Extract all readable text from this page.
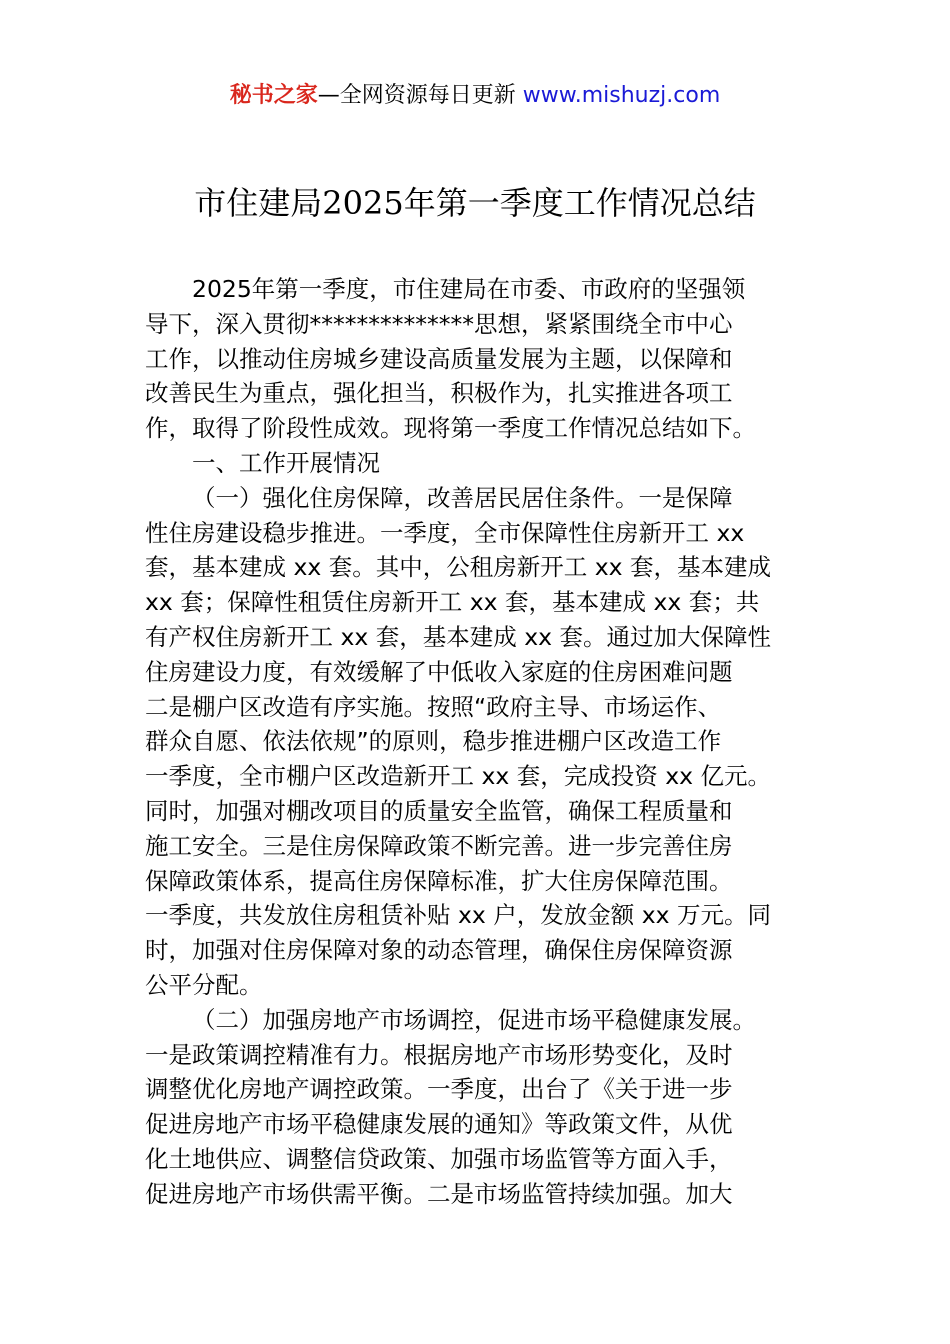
秘书之家—全网资源每日更新 www.mishuzj.com
市住建局2025年第一季度工作情况总结
2025年第一季度，市住建局在市委、市政府的坚强领
导下，深入贯彻**************思想，紧紧围绕全市中心
工作，以推动住房城乡建设高质量发展为主题，以保障和
改善民生为重点，强化担当，积极作为，扎实推进各项工
作，取得了阶段性成效。现将第一季度工作情况总结如下。
一、工作开展情况
（一）强化住房保障，改善居民居住条件。一是保障
性住房建设稳步推进。一季度，全市保障性住房新开工 xx
套，基本建成 xx 套。其中，公租房新开工 xx 套，基本建成
xx 套；保障性租赁住房新开工 xx 套，基本建成 xx 套；共
有产权住房新开工 xx 套，基本建成 xx 套。通过加大保障性
住房建设力度，有效缓解了中低收入家庭的住房困难问题
二是棚户区改造有序实施。按照“政府主导、市场运作、
群众自愿、依法依规”的原则，稳步推进棚户区改造工作
一季度，全市棚户区改造新开工 xx 套，完成投资 xx 亿元。
同时，加强对棚改项目的质量安全监管，确保工程质量和
施工安全。三是住房保障政策不断完善。进一步完善住房
保障政策体系，提高住房保障标准，扩大住房保障范围。
一季度，共发放住房租赁补贴 xx 户，发放金额 xx 万元。同
时，加强对住房保障对象的动态管理，确保住房保障资源
公平分配。
（二）加强房地产市场调控，促进市场平稳健康发展。
一是政策调控精准有力。根据房地产市场形势变化，及时
调整优化房地产调控政策。一季度，出台了《关于进一步
促进房地产市场平稳健康发展的通知》等政策文件，从优
化土地供应、调整信贷政策、加强市场监管等方面入手，
促进房地产市场供需平衡。二是市场监管持续加强。加大
